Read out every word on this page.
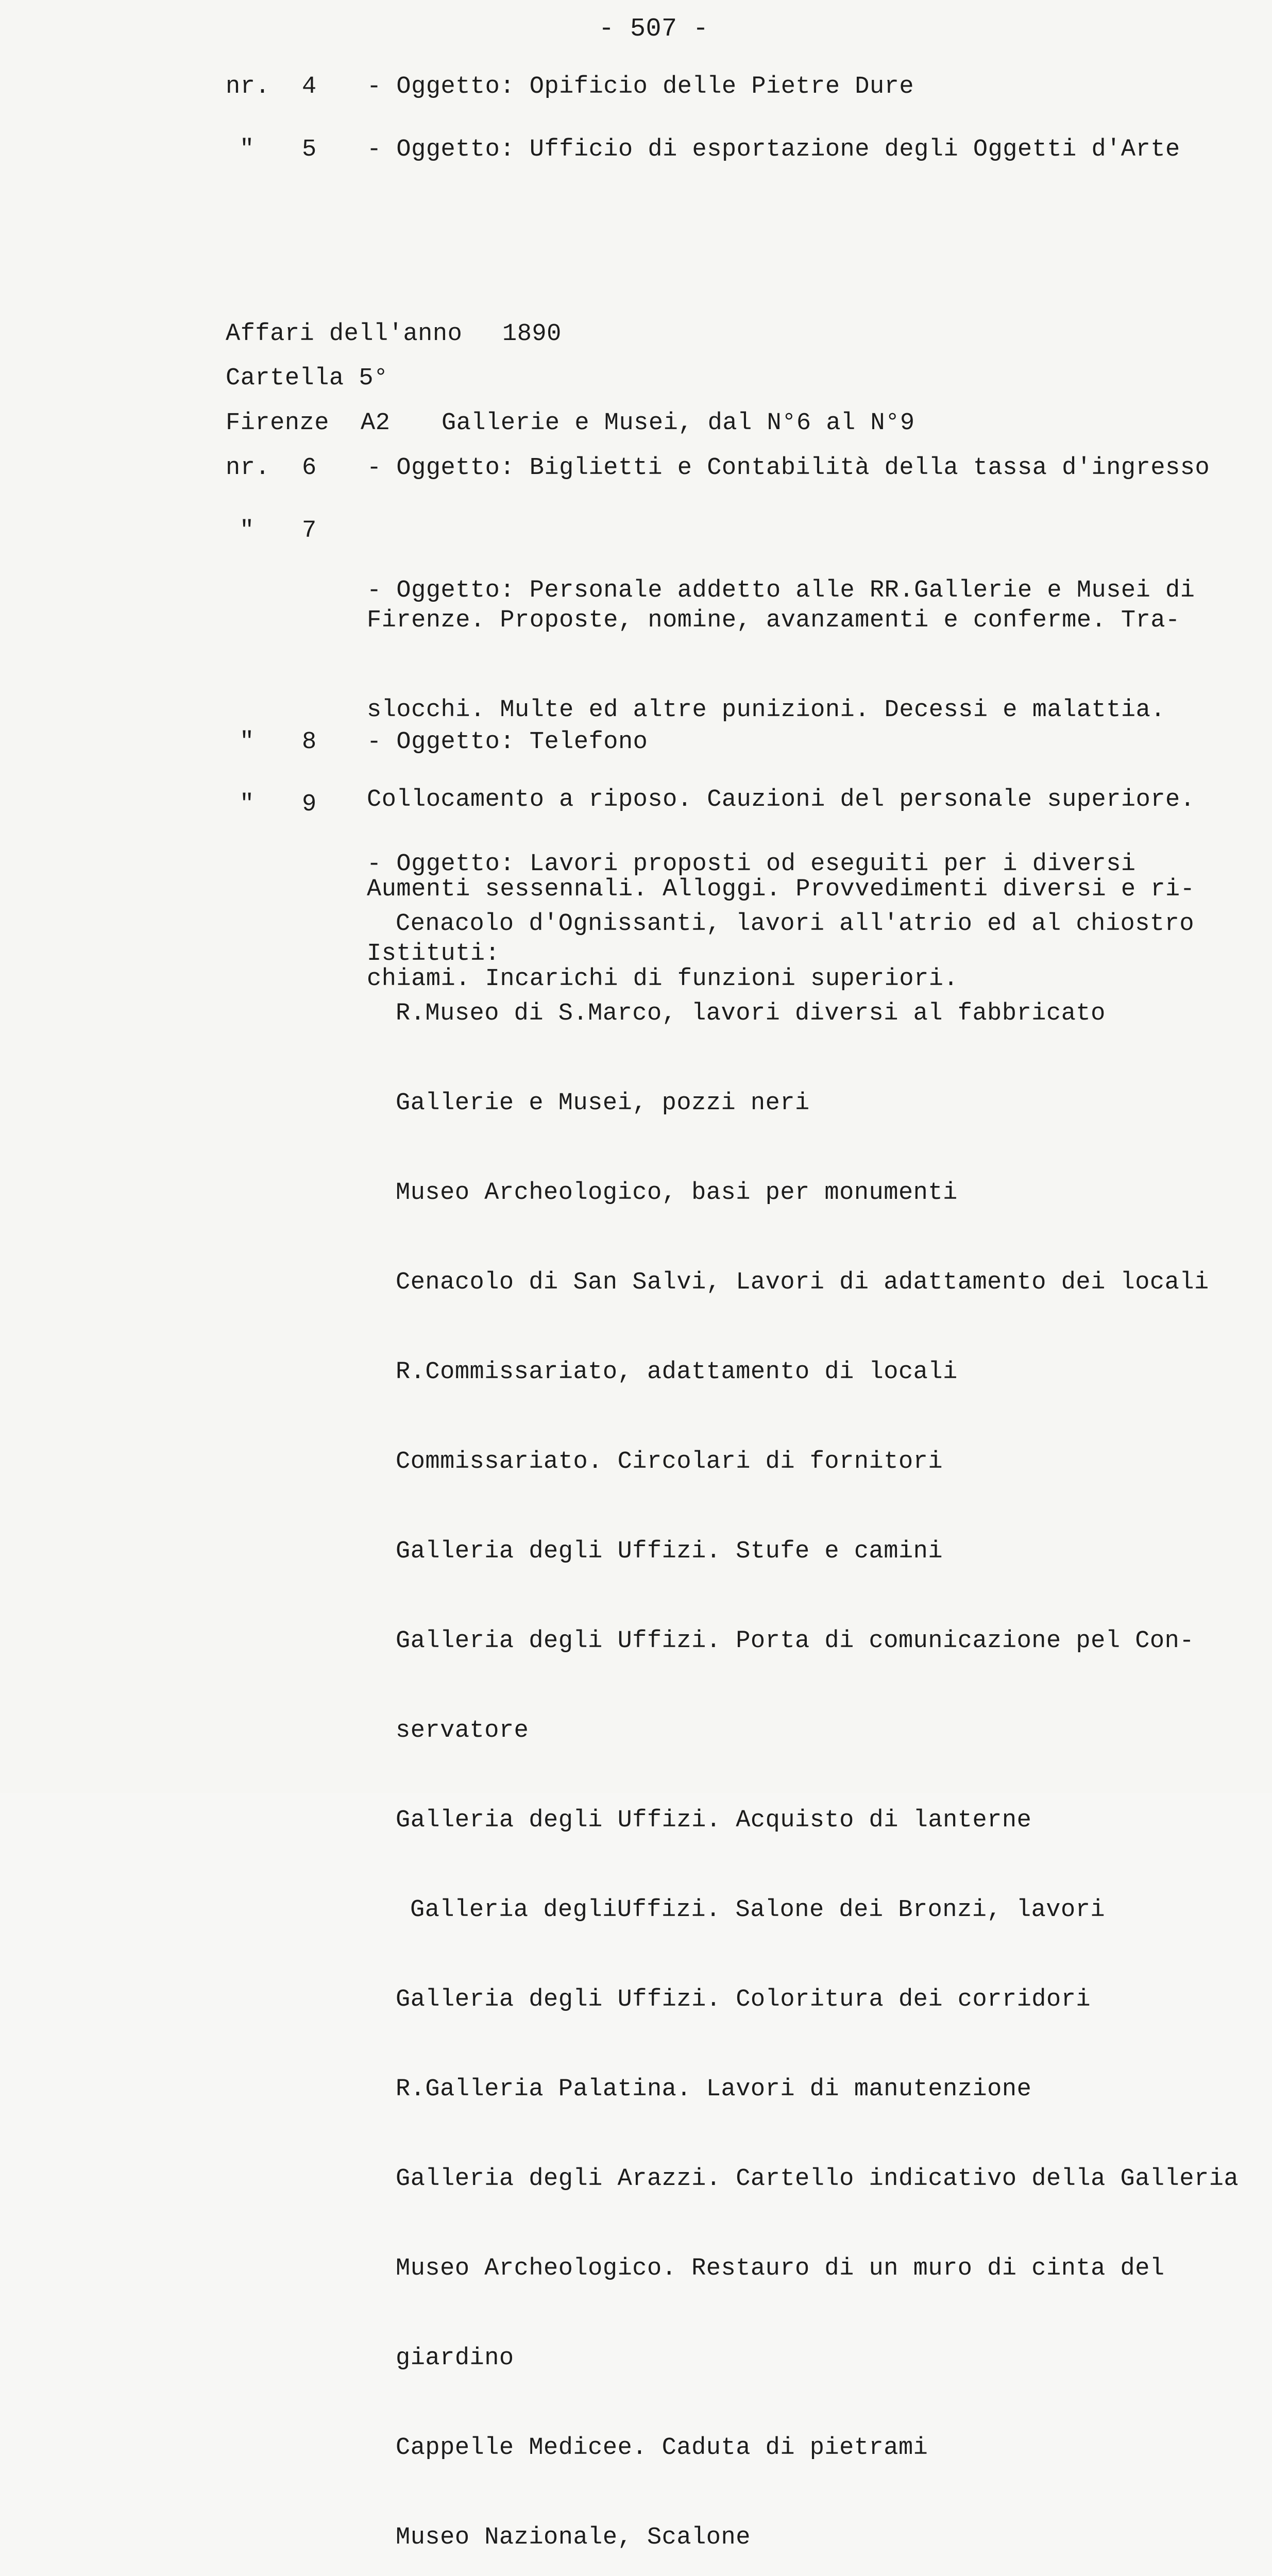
- 507 -
nr. 4 - Oggetto: Opificio delle Pietre Dure
" 5 - Oggetto: Ufficio di esportazione degli Oggetti d'Arte
Affari dell'anno 1890
Cartella 5°
Firenze A2 Gallerie e Musei, dal N°6 al N°9
nr. 6 - Oggetto: Biglietti e Contabilità della tassa d'ingresso
" 7

- Oggetto: Personale addetto alle RR.Gallerie e Musei di

Firenze. Proposte, nomine, avanzamenti e conferme. Tra-

slocchi. Multe ed altre punizioni. Decessi e malattia.

Collocamento a riposo. Cauzioni del personale superiore.

Aumenti sessennali. Alloggi. Provvedimenti diversi e ri-

chiami. Incarichi di funzioni superiori.

" 8 - Oggetto: Telefono
" 9

- Oggetto: Lavori proposti od eseguiti per i diversi

Istituti:

Cenacolo d'Ognissanti, lavori all'atrio ed al chiostro

R.Museo di S.Marco, lavori diversi al fabbricato

Gallerie e Musei, pozzi neri

Museo Archeologico, basi per monumenti

Cenacolo di San Salvi, Lavori di adattamento dei locali

R.Commissariato, adattamento di locali

Commissariato. Circolari di fornitori

Galleria degli Uffizi. Stufe e camini

Galleria degli Uffizi. Porta di comunicazione pel Con-

servatore

Galleria degli Uffizi. Acquisto di lanterne

Galleria degliUffizi. Salone dei Bronzi, lavori

Galleria degli Uffizi. Coloritura dei corridori

R.Galleria Palatina. Lavori di manutenzione

Galleria degli Arazzi. Cartello indicativo della Galleria

Museo Archeologico. Restauro di un muro di cinta del

giardino

Cappelle Medicee. Caduta di pietrami

Museo Nazionale, Scalone
